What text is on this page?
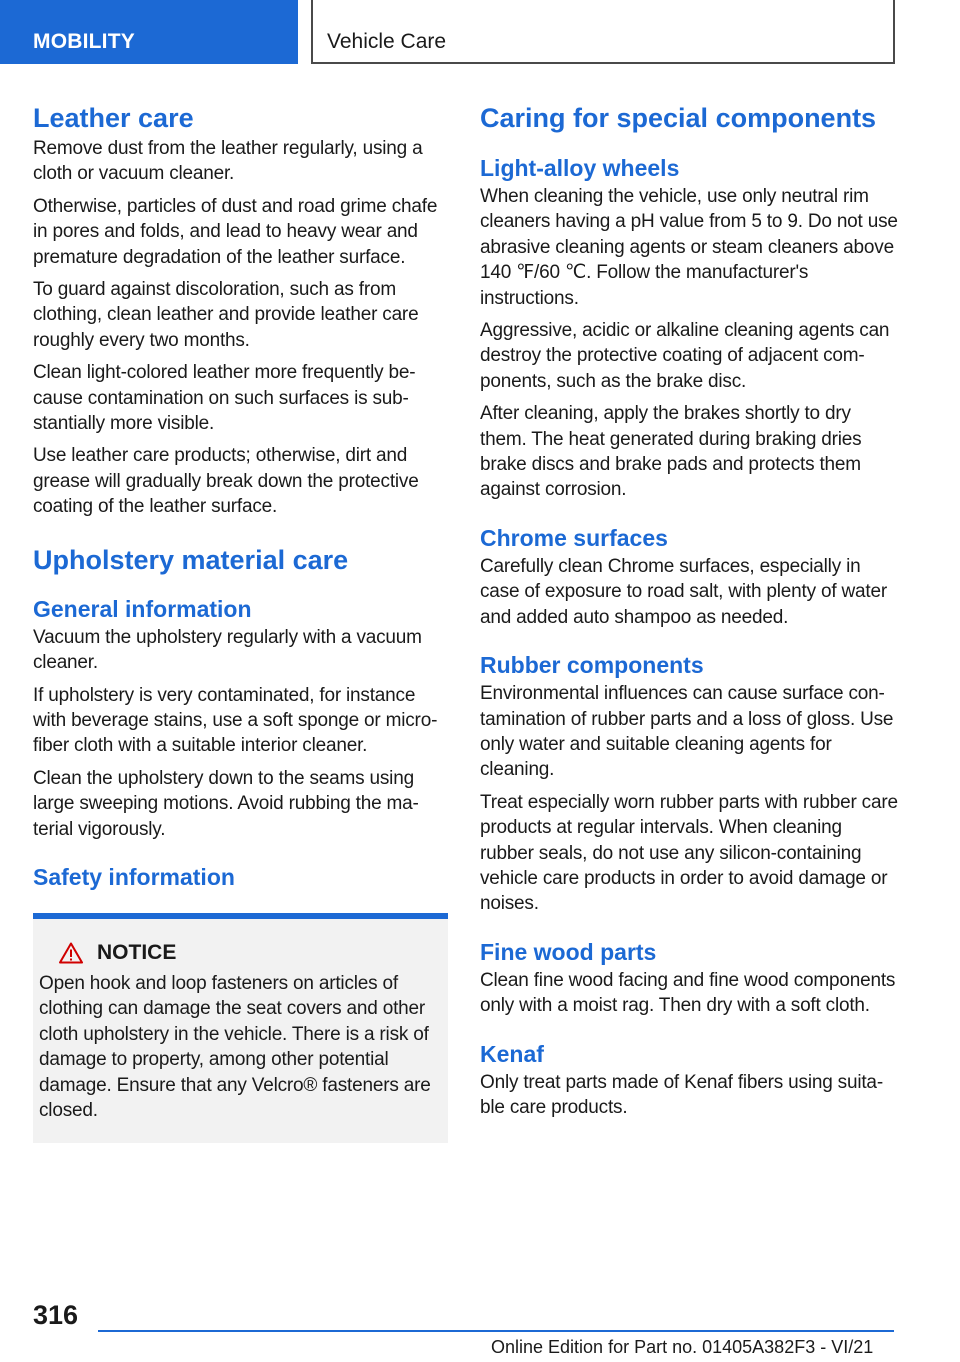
MOBILITY	Vehicle Care
Leather care

Remove dust from the leather regularly, using a cloth or vacuum cleaner.

Otherwise, particles of dust and road grime chafe in pores and folds, and lead to heavy wear and premature degradation of the leather surface.

To guard against discoloration, such as from clothing, clean leather and provide leather care roughly every two months.

Clean light-colored leather more frequently because contamination on such surfaces is substantially more visible.

Use leather care products; otherwise, dirt and grease will gradually break down the protective coating of the leather surface.

Upholstery material care
General information

Vacuum the upholstery regularly with a vacuum cleaner.

If upholstery is very contaminated, for instance with beverage stains, use a soft sponge or microfiber cloth with a suitable interior cleaner.

Clean the upholstery down to the seams using large sweeping motions. Avoid rubbing the material vigorously.

Safety information
NOTICE

Open hook and loop fasteners on articles of clothing can damage the seat covers and other cloth upholstery in the vehicle. There is a risk of damage to property, among other potential damage. Ensure that any Velcro® fasteners are closed.

Caring for special components
Light-alloy wheels

When cleaning the vehicle, use only neutral rim cleaners having a pH value from 5 to 9. Do not use abrasive cleaning agents or steam cleaners above 140 ℉/60 ℃. Follow the manufacturer's instructions.

Aggressive, acidic or alkaline cleaning agents can destroy the protective coating of adjacent components, such as the brake disc.

After cleaning, apply the brakes shortly to dry them. The heat generated during braking dries brake discs and brake pads and protects them against corrosion.

Chrome surfaces

Carefully clean Chrome surfaces, especially in case of exposure to road salt, with plenty of water and added auto shampoo as needed.

Rubber components

Environmental influences can cause surface contamination of rubber parts and a loss of gloss. Use only water and suitable cleaning agents for cleaning.

Treat especially worn rubber parts with rubber care products at regular intervals. When cleaning rubber seals, do not use any silicon-containing vehicle care products in order to avoid damage or noises.

Fine wood parts

Clean fine wood facing and fine wood components only with a moist rag. Then dry with a soft cloth.

Kenaf

Only treat parts made of Kenaf fibers using suitable care products.

316
Online Edition for Part no. 01405A382F3 - VI/21
